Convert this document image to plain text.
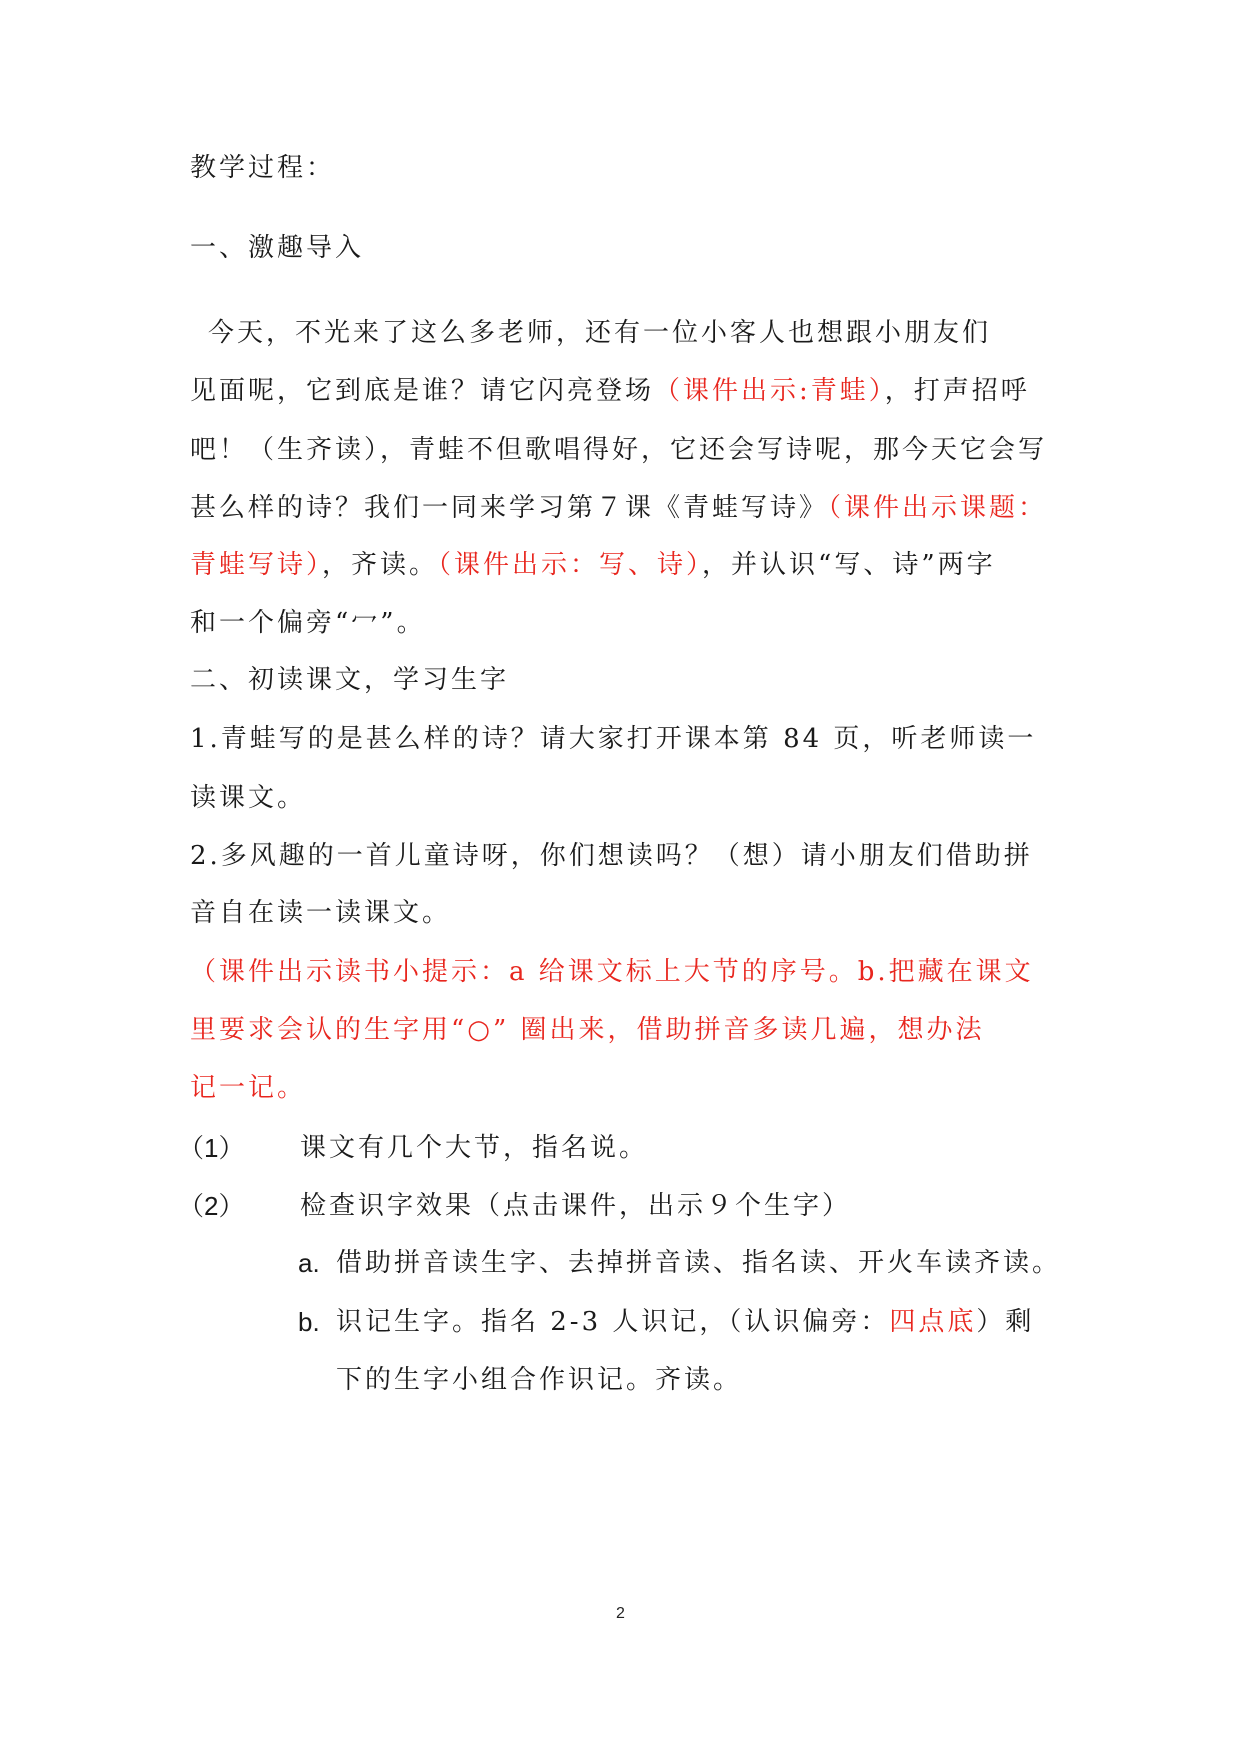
教学过程：
一、激趣导入
今天，不光来了这么多老师，还有一位小客人也想跟小朋友们
见面呢，它到底是谁？请它闪亮登场（课件出示:青蛙），打声招呼
吧！（生齐读），青蛙不但歌唱得好，它还会写诗呢，那今天它会写
甚么样的诗？我们一同来学习第７课《青蛙写诗》（课件出示课题：
青蛙写诗），齐读。（课件出示：写、诗），并认识“写、诗”两字
和一个偏旁“冖”。
二、初读课文，学习生字
1.青蛙写的是甚么样的诗？请大家打开课本第 84 页，听老师读一
读课文。
2.多风趣的一首儿童诗呀，你们想读吗？（想）请小朋友们借助拼
音自在读一读课文。
（课件出示读书小提示：a 给课文标上大节的序号。b.把藏在课文
里要求会认的生字用“○” 圈出来，借助拼音多读几遍，想办法
记一记。
（1） 课文有几个大节，指名说。
（2） 检查识字效果（点击课件，出示９个生字）
a. 借助拼音读生字、去掉拼音读、指名读、开火车读齐读。
b. 识记生字。指名 2-3 人识记，（认识偏旁：四点底）剩
下的生字小组合作识记。齐读。
2
